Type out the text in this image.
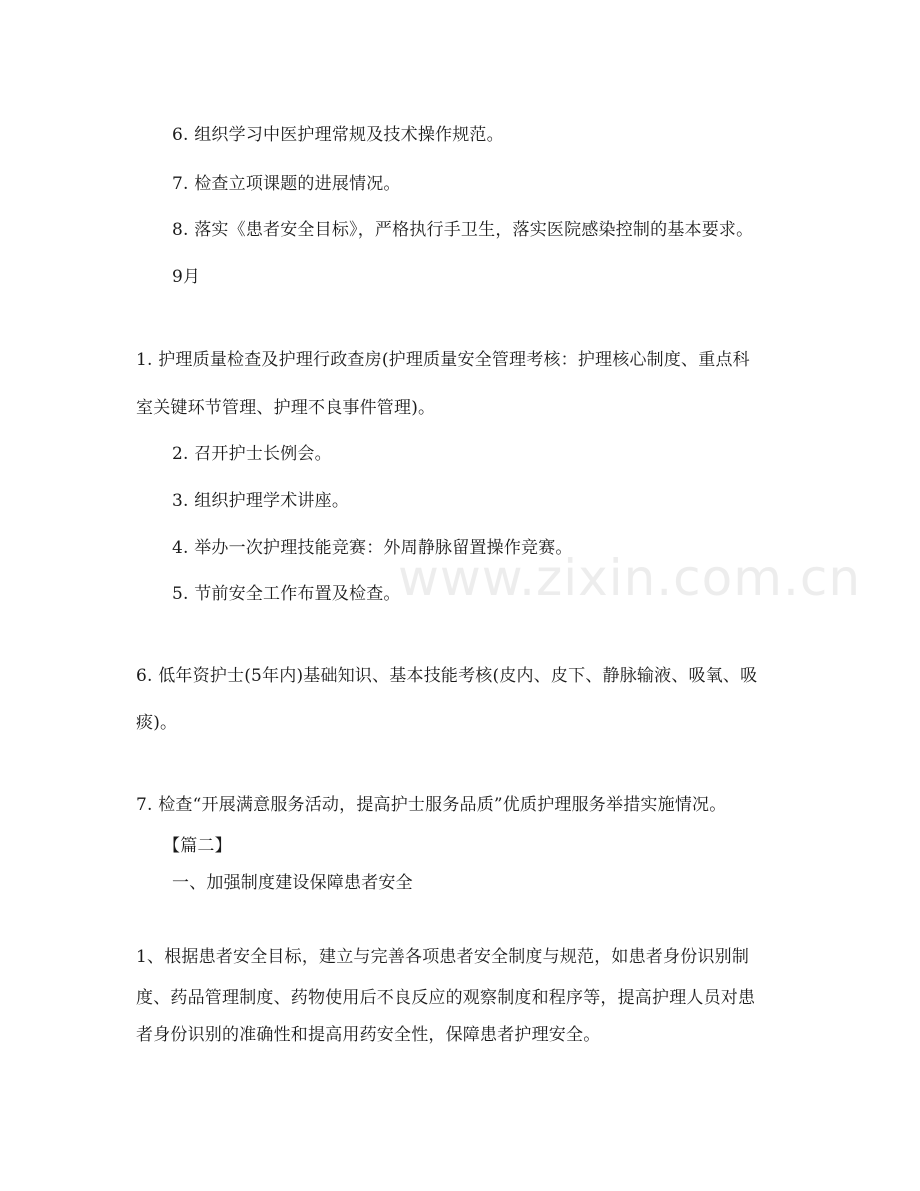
6. 组织学习中医护理常规及技术操作规范。
7. 检查立项课题的进展情况。
8. 落实《患者安全目标》，严格执行手卫生，落实医院感染控制的基本要求。
9月
1. 护理质量检查及护理行政查房(护理质量安全管理考核：护理核心制度、重点科
室关键环节管理、护理不良事件管理)。
2. 召开护士长例会。
3. 组织护理学术讲座。
4. 举办一次护理技能竞赛：外周静脉留置操作竞赛。
5. 节前安全工作布置及检查。
6. 低年资护士(5年内)基础知识、基本技能考核(皮内、皮下、静脉输液、吸氧、吸
痰)。
7. 检查“开展满意服务活动，提高护士服务品质”优质护理服务举措实施情况。
【篇二】
一、加强制度建设保障患者安全
1、根据患者安全目标，建立与完善各项患者安全制度与规范，如患者身份识别制
度、药品管理制度、药物使用后不良反应的观察制度和程序等，提高护理人员对患
者身份识别的准确性和提高用药安全性，保障患者护理安全。
www.zixin.com.cn
